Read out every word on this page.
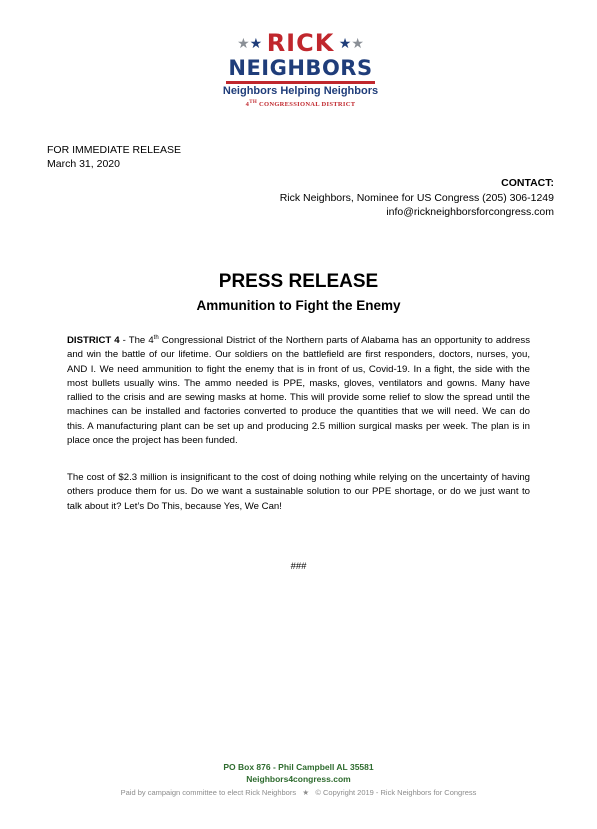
★★ RICK ★★
NEIGHBORS
Neighbors Helping Neighbors
4TH CONGRESSIONAL DISTRICT
FOR IMMEDIATE RELEASE
March 31, 2020
CONTACT:
Rick Neighbors, Nominee for US Congress (205) 306-1249
info@rickneighborsforcongress.com
PRESS RELEASE
Ammunition to Fight the Enemy
DISTRICT 4 - The 4th Congressional District of the Northern parts of Alabama has an opportunity to address and win the battle of our lifetime. Our soldiers on the battlefield are first responders, doctors, nurses, you, AND I. We need ammunition to fight the enemy that is in front of us, Covid-19. In a fight, the side with the most bullets usually wins. The ammo needed is PPE, masks, gloves, ventilators and gowns. Many have rallied to the crisis and are sewing masks at home. This will provide some relief to slow the spread until the machines can be installed and factories converted to produce the quantities that we will need. We can do this. A manufacturing plant can be set up and producing 2.5 million surgical masks per week. The plan is in place once the project has been funded.
The cost of $2.3 million is insignificant to the cost of doing nothing while relying on the uncertainty of having others produce them for us. Do we want a sustainable solution to our PPE shortage, or do we just want to talk about it? Let’s Do This, because Yes, We Can!
###
PO Box 876 - Phil Campbell AL 35581
Neighbors4congress.com
Paid by campaign committee to elect Rick Neighbors ★ © Copyright 2019 - Rick Neighbors for Congress
